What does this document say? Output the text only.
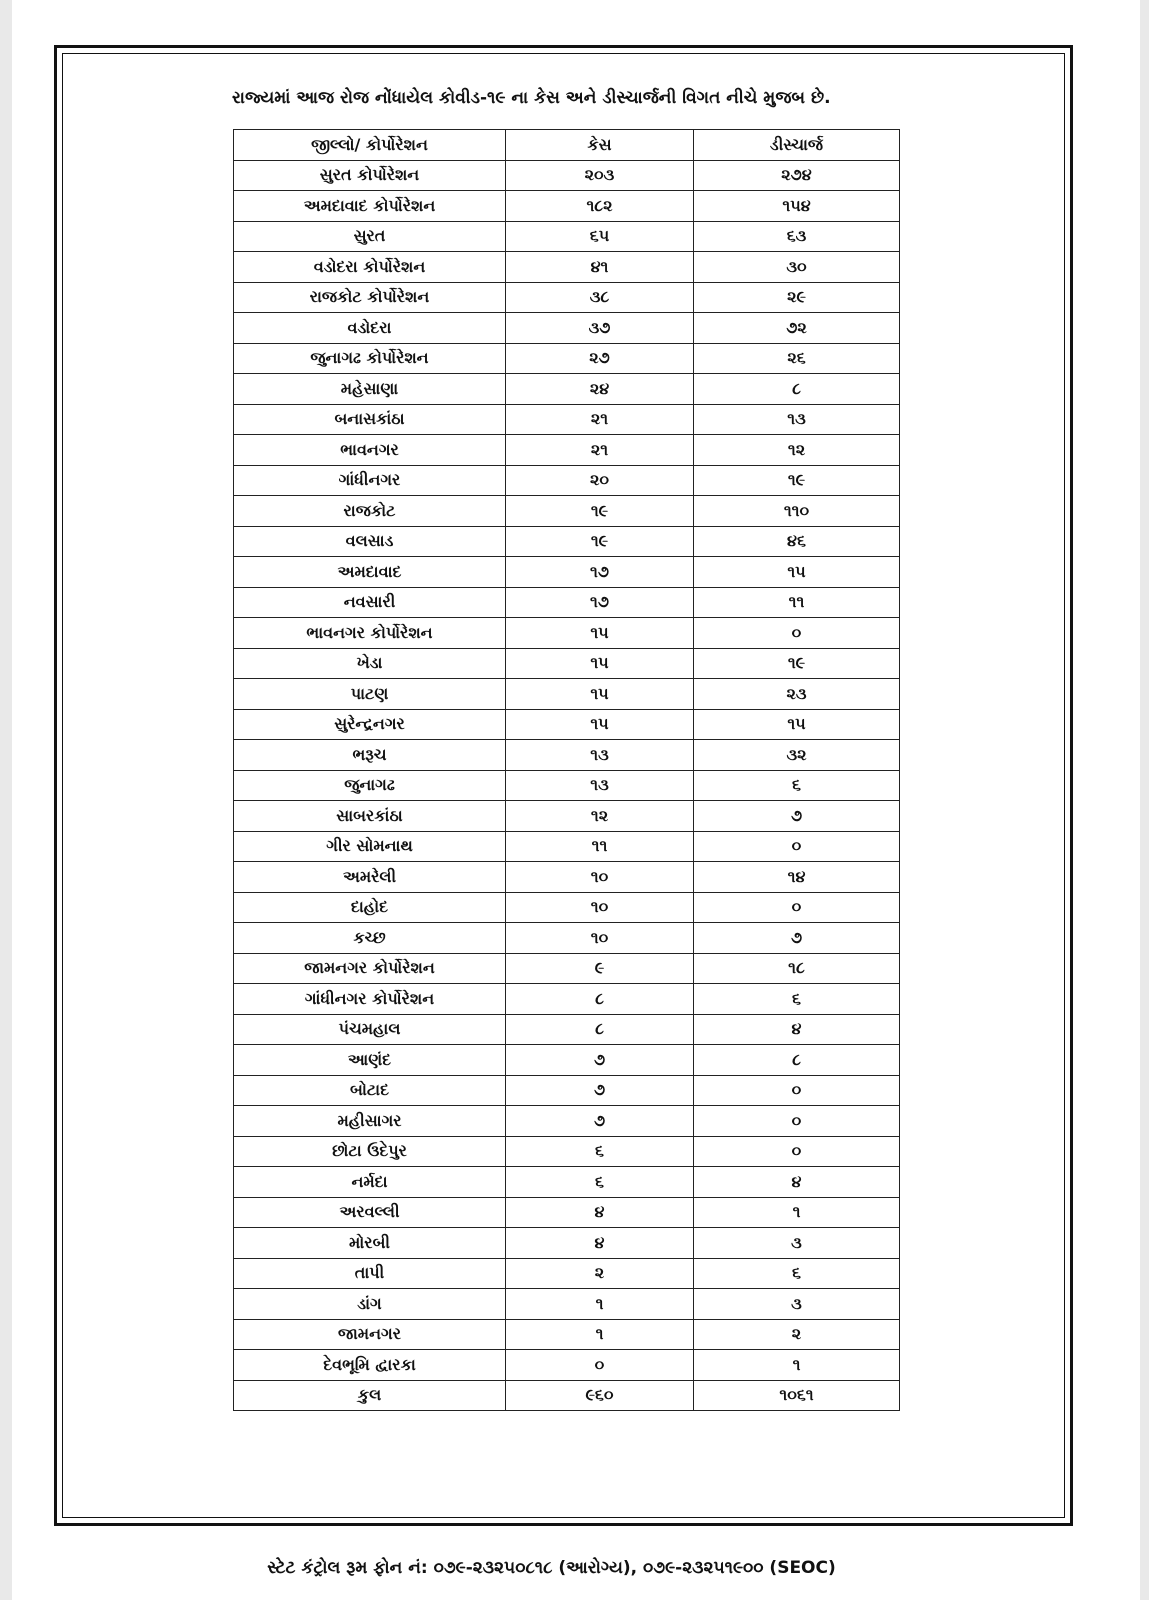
રાજ્યમાં આજ રોજ નોંધાયેલ કોવીડ-૧૯ ના કેસ અને ડીસ્ચાર્જની વિગત નીચે મુજબ છે.
જીલ્લો/ કોર્પોરેશન	કેસ	ડીસ્ચાર્જ
સુરત કોર્પોરેશન	૨૦૩	૨૭૪
અમદાવાદ કોર્પોરેશન	૧૮૨	૧૫૪
સુરત	૬૫	૬૩
વડોદરા કોર્પોરેશન	૪૧	૩૦
રાજકોટ કોર્પોરેશન	૩૮	૨૯
વડોદરા	૩૭	૭૨
જુનાગઢ કોર્પોરેશન	૨૭	૨૬
મહેસાણા	૨૪	૮
બનાસકાંઠા	૨૧	૧૩
ભાવનગર	૨૧	૧૨
ગાંધીનગર	૨૦	૧૯
રાજકોટ	૧૯	૧૧૦
વલસાડ	૧૯	૪૬
અમદાવાદ	૧૭	૧૫
નવસારી	૧૭	૧૧
ભાવનગર કોર્પોરેશન	૧૫	૦
ખેડા	૧૫	૧૯
પાટણ	૧૫	૨૩
સુરેન્દ્રનગર	૧૫	૧૫
ભરૂચ	૧૩	૩૨
જુનાગઢ	૧૩	૬
સાબરકાંઠા	૧૨	૭
ગીર સોમનાથ	૧૧	૦
અમરેલી	૧૦	૧૪
દાહોદ	૧૦	૦
કચ્છ	૧૦	૭
જામનગર કોર્પોરેશન	૯	૧૮
ગાંધીનગર કોર્પોરેશન	૮	૬
પંચમહાલ	૮	૪
આણંદ	૭	૮
બોટાદ	૭	૦
મહીસાગર	૭	૦
છોટા ઉદેપુર	૬	૦
નર્મદા	૬	૪
અરવલ્લી	૪	૧
મોરબી	૪	૩
તાપી	૨	૬
ડાંગ	૧	૩
જામનગર	૧	૨
દેવભૂમિ દ્વારકા	૦	૧
કુલ	૯૬૦	૧૦૬૧
સ્ટેટ કંટ્રોલ રૂમ ફોન નં: ૦૭૯-૨૩૨૫૦૮૧૮ (આરોગ્ય), ૦૭૯-૨૩૨૫૧૯૦૦ (SEOC)
